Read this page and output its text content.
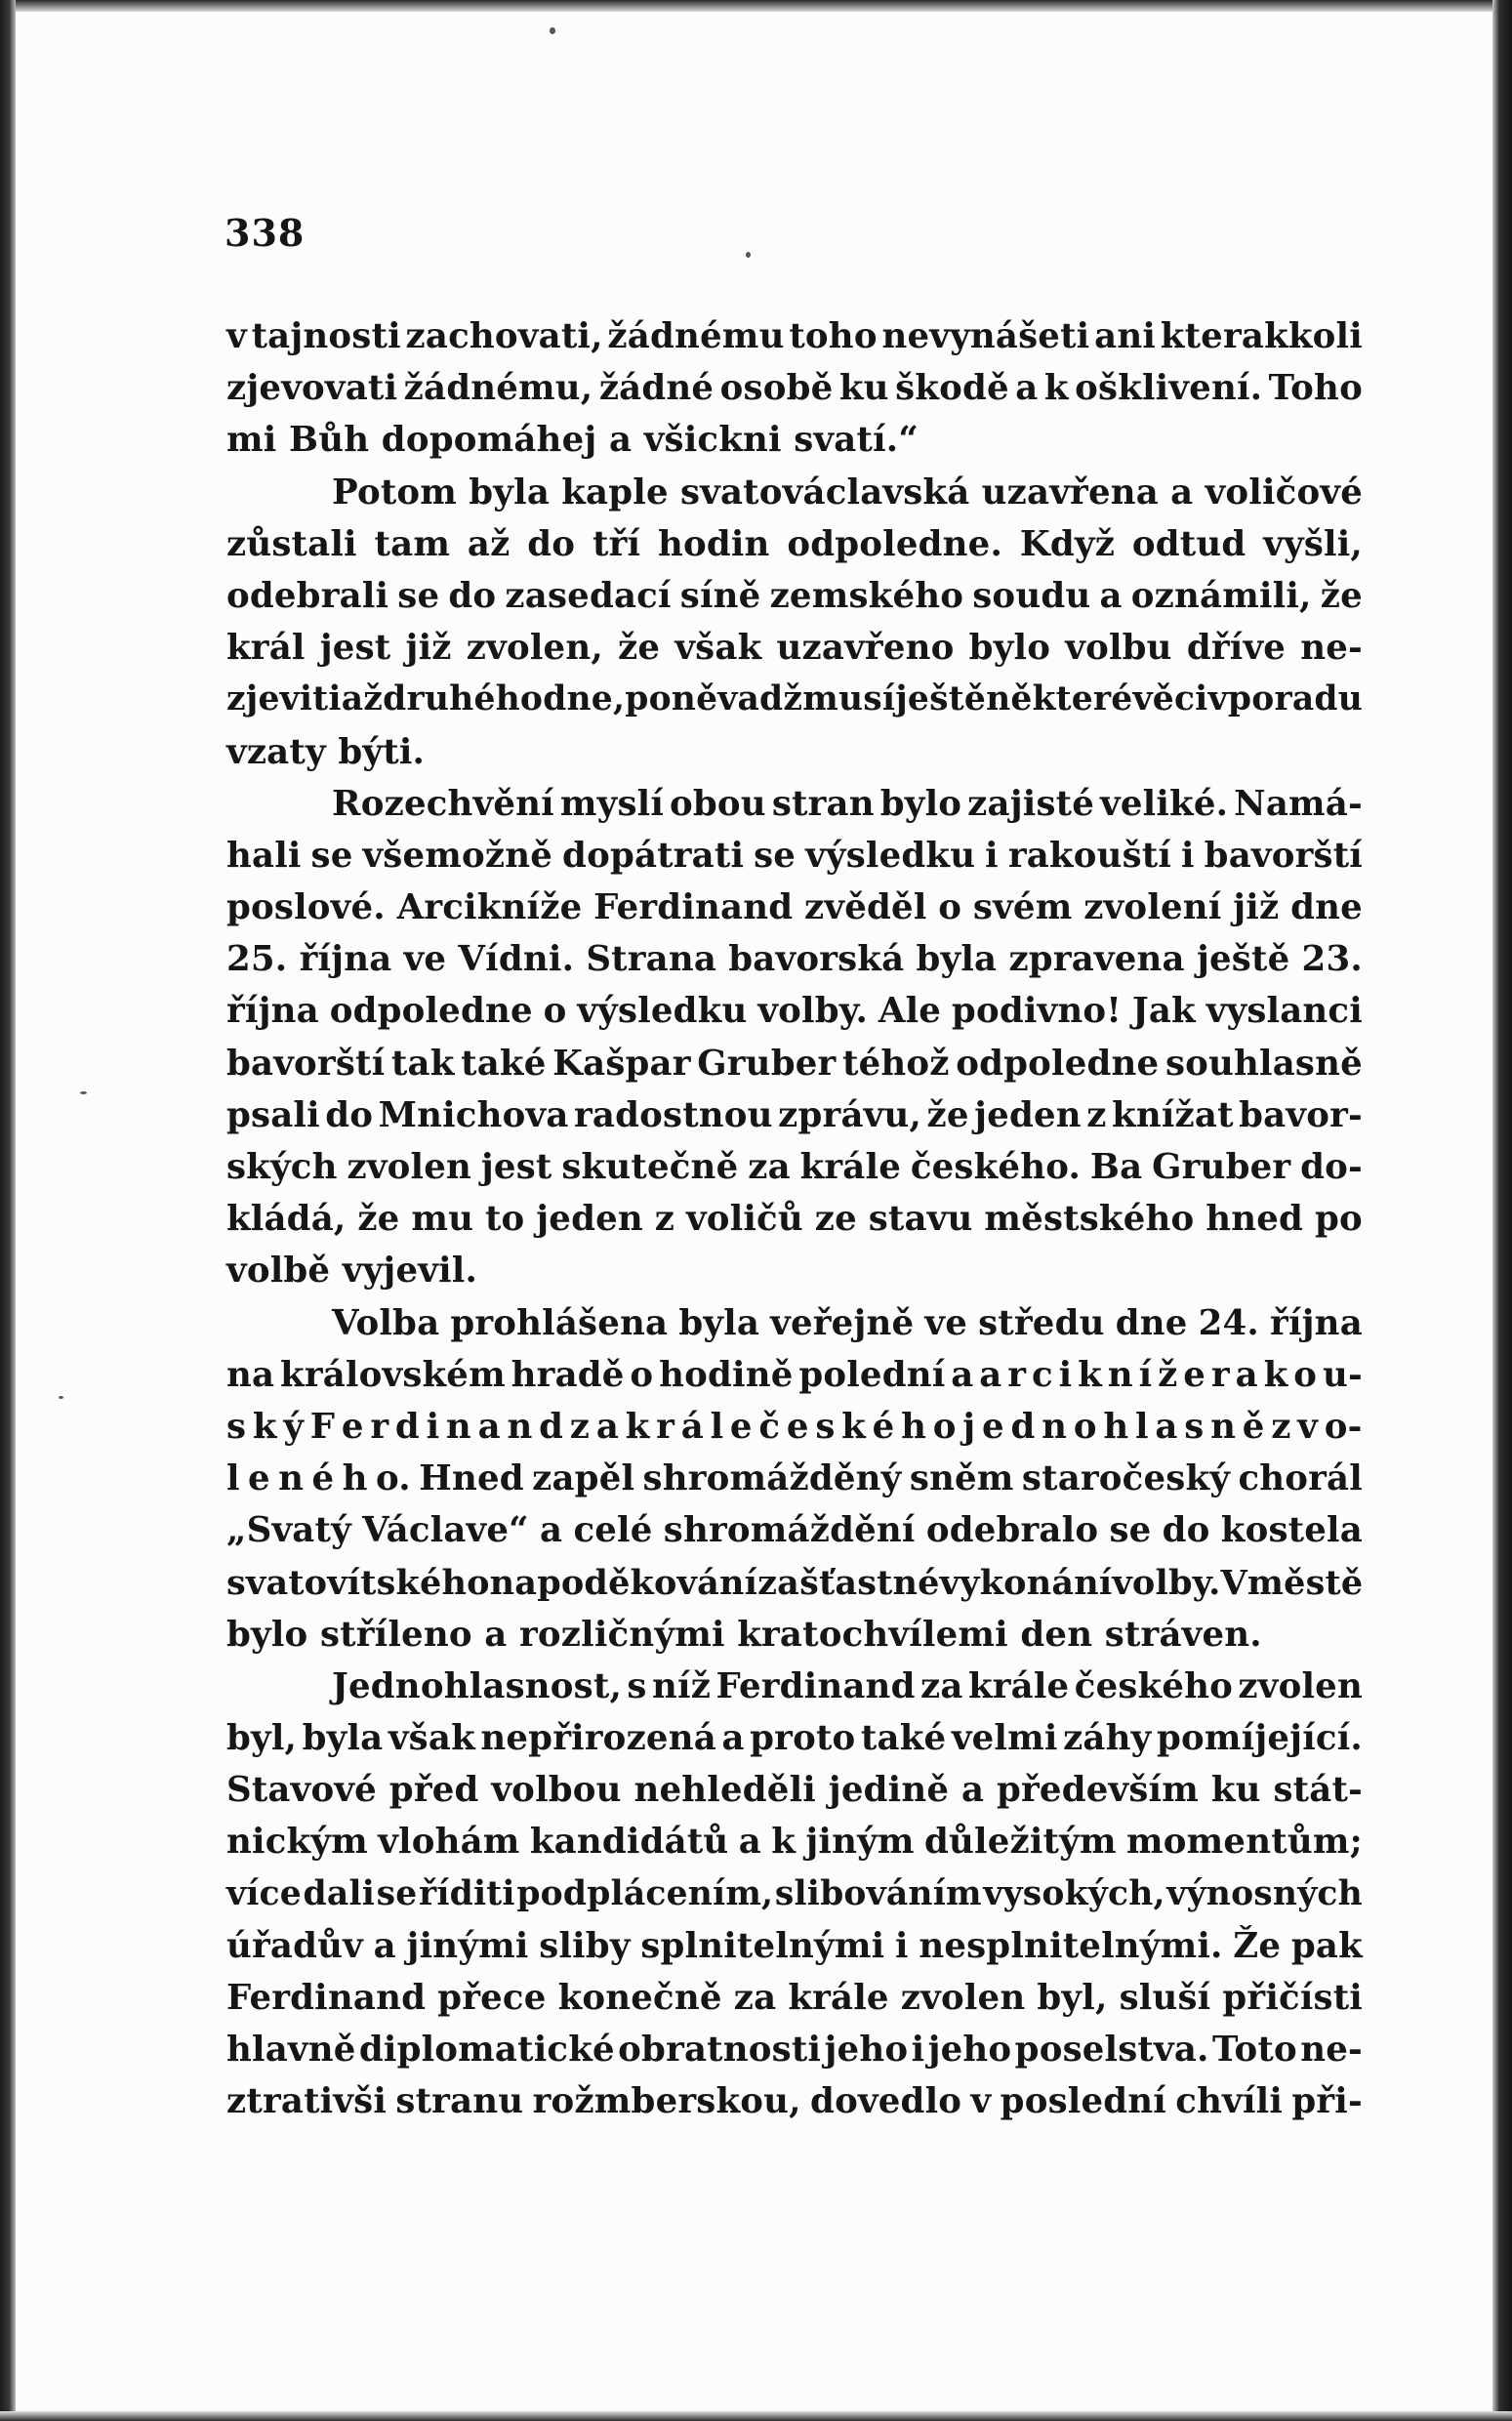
338
v tajnosti zachovati, žádnému toho nevynášeti ani kterakkoli
zjevovati žádnému, žádné osobě ku škodě a k ošklivení. Toho
mi Bůh dopomáhej a všickni svatí.“
Potom byla kaple svatováclavská uzavřena a voličové
zůstali tam až do tří hodin odpoledne. Když odtud vyšli,
odebrali se do zasedací síně zemského soudu a oznámili, že
král jest již zvolen, že však uzavřeno bylo volbu dříve ne-
zjeviti až druhého dne, poněvadž musí ještě některé věci v poradu
vzaty býti.
Rozechvění myslí obou stran bylo zajisté veliké. Namá-
hali se všemožně dopátrati se výsledku i rakouští i bavorští
poslové. Arcikníže Ferdinand zvěděl o svém zvolení již dne
25. října ve Vídni. Strana bavorská byla zpravena ještě 23.
října odpoledne o výsledku volby. Ale podivno! Jak vyslanci
bavorští tak také Kašpar Gruber téhož odpoledne souhlasně
psali do Mnichova radostnou zprávu, že jeden z knížat bavor-
ských zvolen jest skutečně za krále českého. Ba Gruber do-
kládá, že mu to jeden z voličů ze stavu městského hned po
volbě vyjevil.
Volba prohlášena byla veřejně ve středu dne 24. října
na královském hradě o hodině polední a a r c i k n í ž e r a k o u-
s k ý F e r d i n a n d z a k r á l e č e s k é h o j e d n o h l a s n ě z v o-
l e n é h o. Hned zapěl shromážděný sněm staročeský chorál
„Svatý Václave“ a celé shromáždění odebralo se do kostela
svatovítského na poděkování za šťastné vykonání volby. V městě
bylo stříleno a rozličnými kratochvílemi den stráven.
Jednohlasnost, s níž Ferdinand za krále českého zvolen
byl, byla však nepřirozená a proto také velmi záhy pomíjející.
Stavové před volbou nehleděli jedině a především ku stát-
nickým vlohám kandidátů a k jiným důležitým momentům;
více dali se říditi podplácením, slibováním vysokých, výnosných
úřadův a jinými sliby splnitelnými i nesplnitelnými. Že pak
Ferdinand přece konečně za krále zvolen byl, sluší přičísti
hlavně diplomatické obratnosti jeho i jeho poselstva. Toto ne-
ztrativši stranu rožmberskou, dovedlo v poslední chvíli při-
